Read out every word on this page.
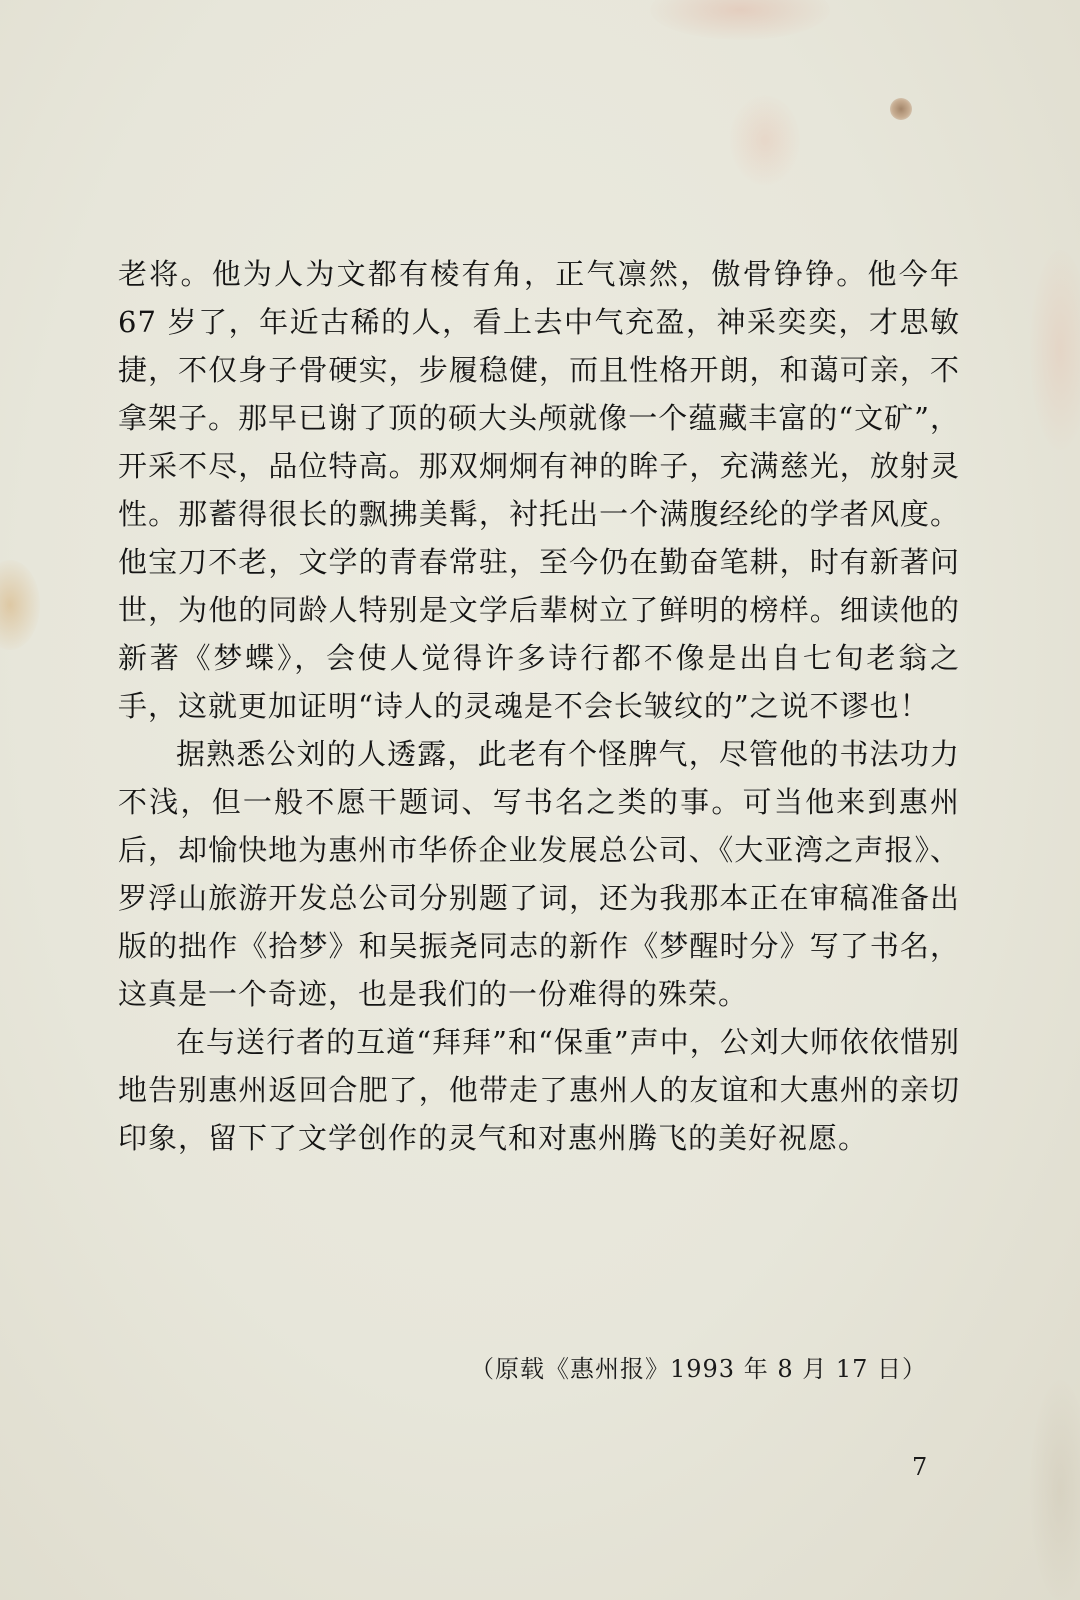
老将。他为人为文都有棱有角，正气凛然，傲骨铮铮。他今年 67 岁了，年近古稀的人，看上去中气充盈，神采奕奕，才思敏捷，不仅身子骨硬实，步履稳健，而且性格开朗，和蔼可亲，不拿架子。那早已谢了顶的硕大头颅就像一个蕴藏丰富的“文矿”，开采不尽，品位特高。那双炯炯有神的眸子，充满慈光，放射灵性。那蓄得很长的飘拂美髯，衬托出一个满腹经纶的学者风度。他宝刀不老，文学的青春常驻，至今仍在勤奋笔耕，时有新著问世，为他的同龄人特别是文学后辈树立了鲜明的榜样。细读他的新著《梦蝶》，会使人觉得许多诗行都不像是出自七旬老翁之手，这就更加证明“诗人的灵魂是不会长皱纹的”之说不谬也！

据熟悉公刘的人透露，此老有个怪脾气，尽管他的书法功力不浅，但一般不愿干题词、写书名之类的事。可当他来到惠州后，却愉快地为惠州市华侨企业发展总公司、《大亚湾之声报》、罗浮山旅游开发总公司分别题了词，还为我那本正在审稿准备出版的拙作《拾梦》和吴振尧同志的新作《梦醒时分》写了书名，这真是一个奇迹，也是我们的一份难得的殊荣。

在与送行者的互道“拜拜”和“保重”声中，公刘大师依依惜别地告别惠州返回合肥了，他带走了惠州人的友谊和大惠州的亲切印象，留下了文学创作的灵气和对惠州腾飞的美好祝愿。

（原载《惠州报》1993 年 8 月 17 日）
7
